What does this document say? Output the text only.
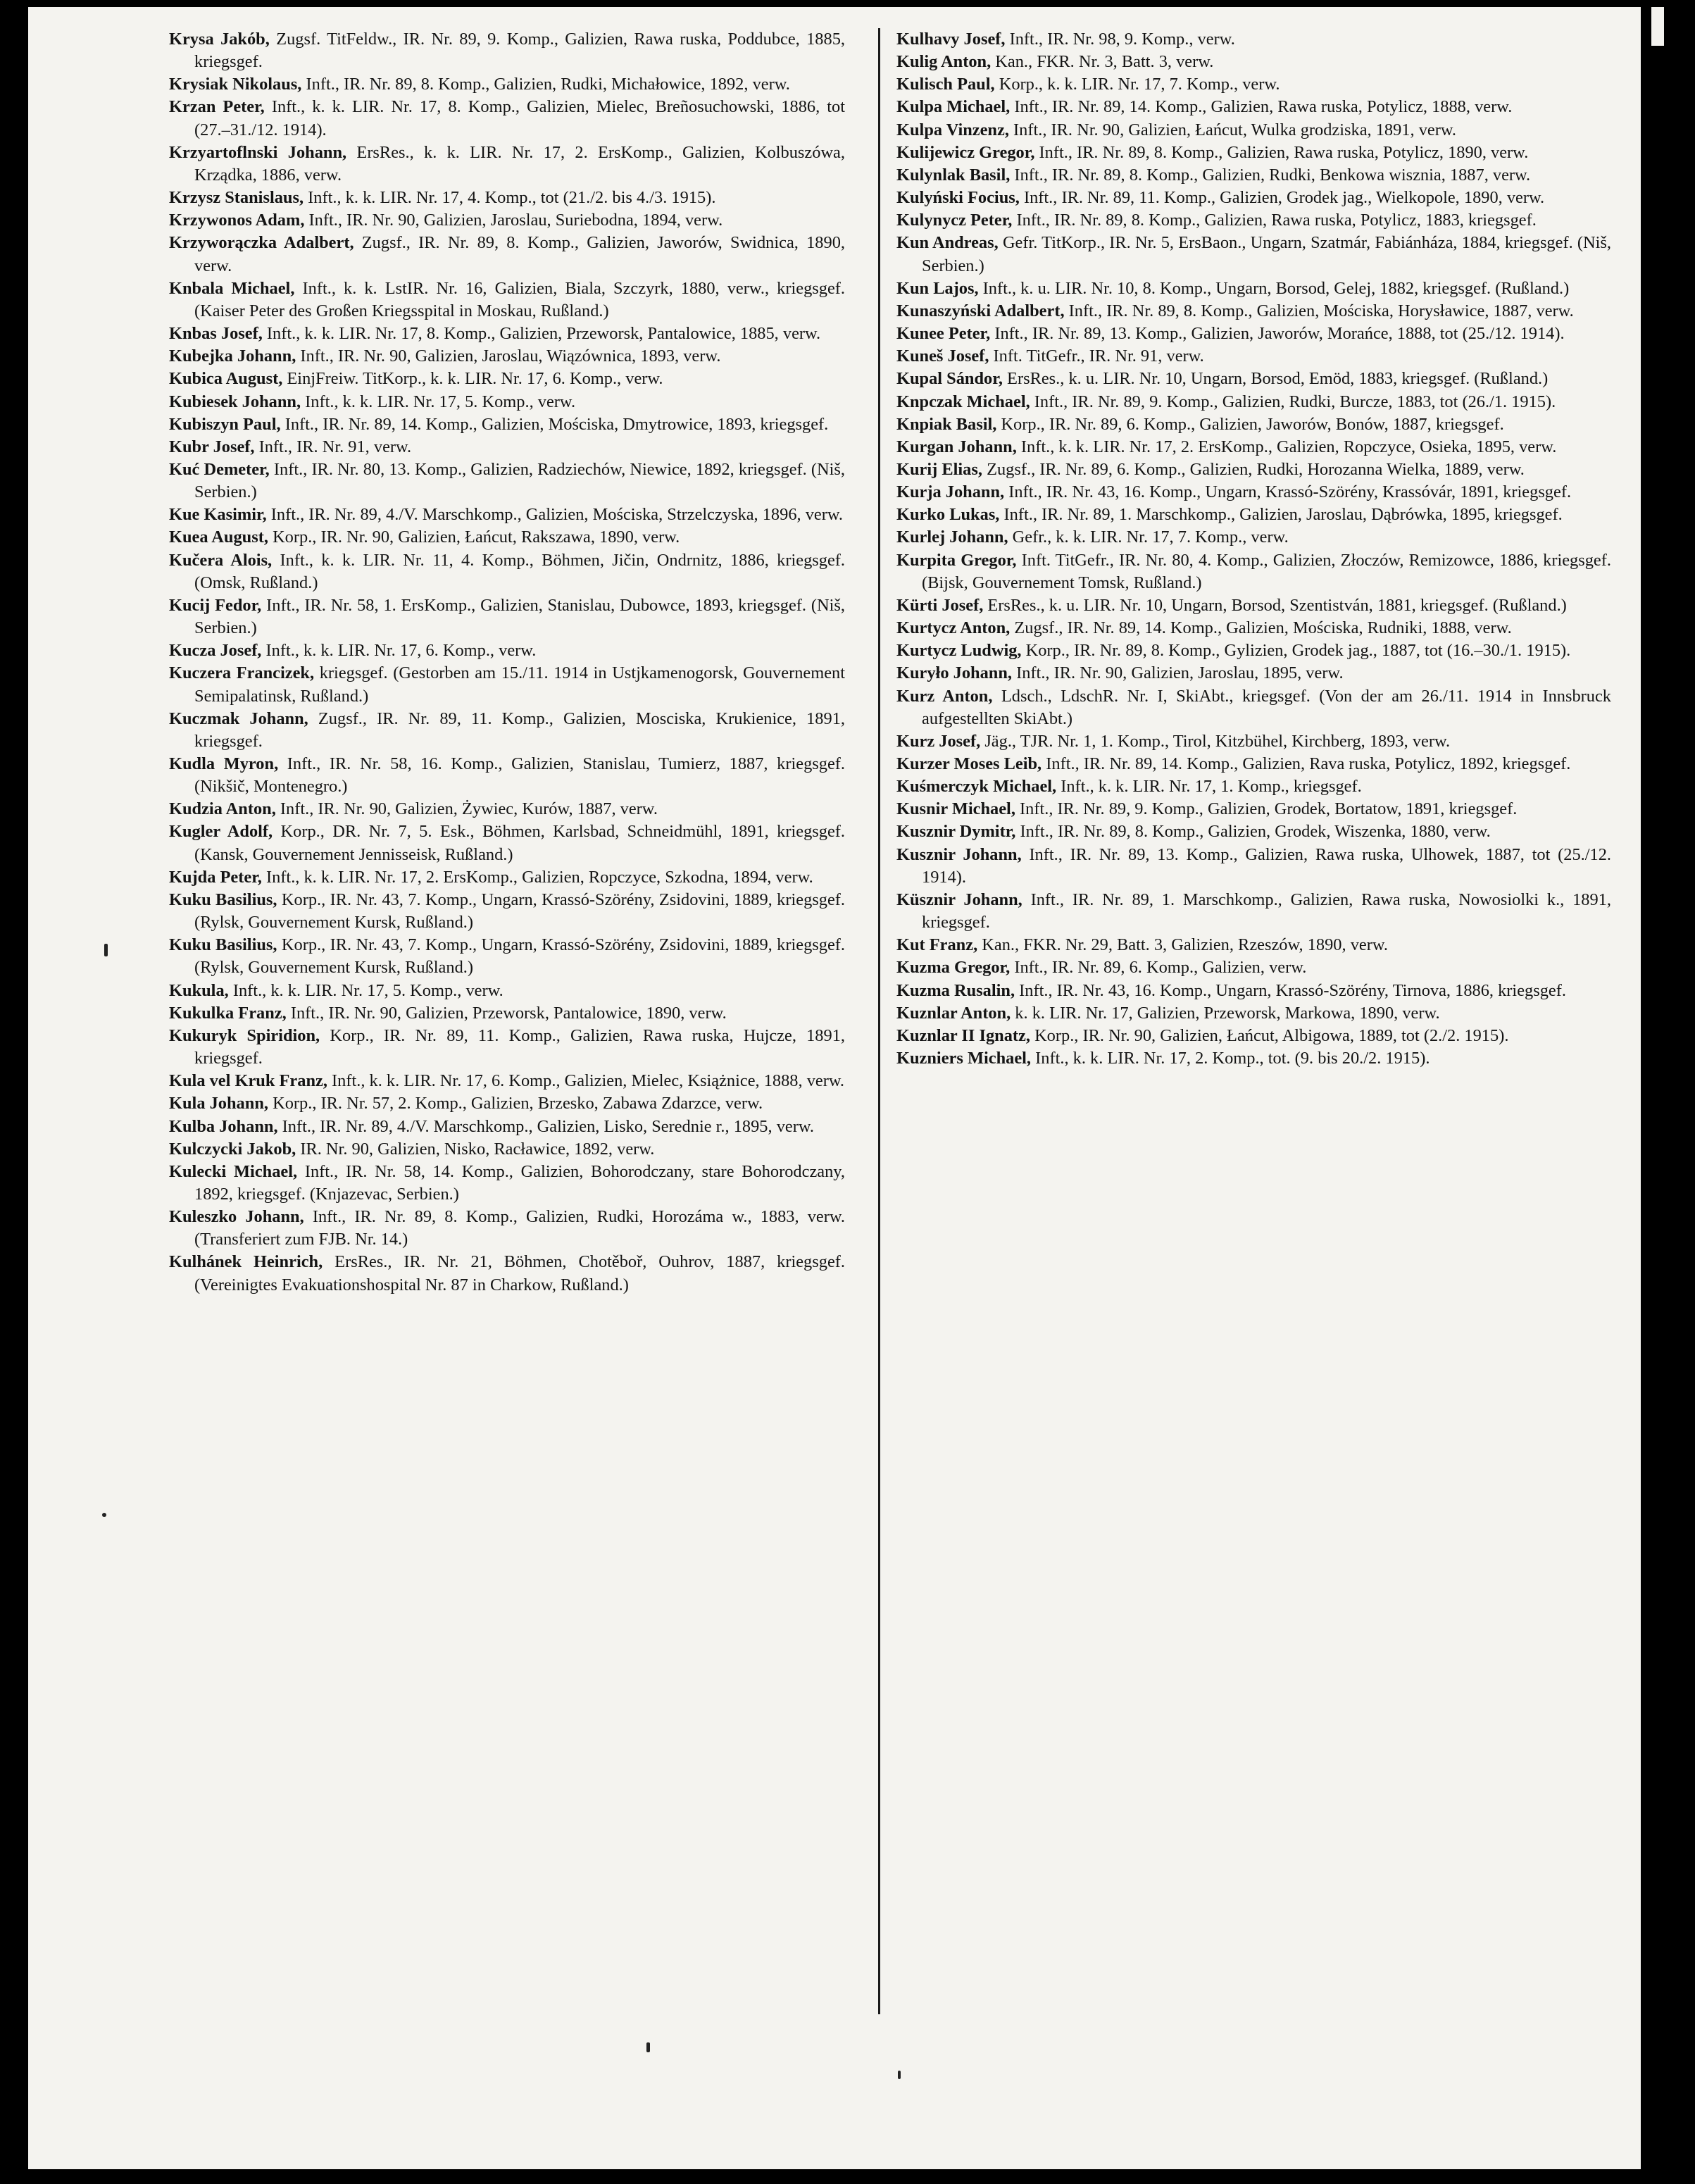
Krysa Jakób, Zugsf. TitFeldw., IR. Nr. 89, 9. Komp., Galizien, Rawa ruska, Poddubce, 1885, kriegsgef.

Krysiak Nikolaus, Inft., IR. Nr. 89, 8. Komp., Galizien, Rudki, Michałowice, 1892, verw.

Krzan Peter, Inft., k. k. LIR. Nr. 17, 8. Komp., Galizien, Mielec, Breñosuchowski, 1886, tot (27.–31./12. 1914).

Krzyartoflnski Johann, ErsRes., k. k. LIR. Nr. 17, 2. ErsKomp., Galizien, Kolbuszówa, Krządka, 1886, verw.

Krzysz Stanislaus, Inft., k. k. LIR. Nr. 17, 4. Komp., tot (21./2. bis 4./3. 1915).

Krzywonos Adam, Inft., IR. Nr. 90, Galizien, Jaroslau, Suriebodna, 1894, verw.

Krzyworączka Adalbert, Zugsf., IR. Nr. 89, 8. Komp., Galizien, Jaworów, Swidnica, 1890, verw.

Knbala Michael, Inft., k. k. LstIR. Nr. 16, Galizien, Biala, Szczyrk, 1880, verw., kriegsgef. (Kaiser Peter des Großen Kriegsspital in Moskau, Rußland.)

Knbas Josef, Inft., k. k. LIR. Nr. 17, 8. Komp., Galizien, Przeworsk, Pantalowice, 1885, verw.

Kubejka Johann, Inft., IR. Nr. 90, Galizien, Jaroslau, Wiązównica, 1893, verw.

Kubica August, EinjFreiw. TitKorp., k. k. LIR. Nr. 17, 6. Komp., verw.

Kubiesek Johann, Inft., k. k. LIR. Nr. 17, 5. Komp., verw.

Kubiszyn Paul, Inft., IR. Nr. 89, 14. Komp., Galizien, Mościska, Dmytrowice, 1893, kriegsgef.

Kubr Josef, Inft., IR. Nr. 91, verw.

Kuć Demeter, Inft., IR. Nr. 80, 13. Komp., Galizien, Radziechów, Niewice, 1892, kriegsgef. (Niš, Serbien.)

Kue Kasimir, Inft., IR. Nr. 89, 4./V. Marschkomp., Galizien, Mościska, Strzelczyska, 1896, verw.

Kuea August, Korp., IR. Nr. 90, Galizien, Łańcut, Rakszawa, 1890, verw.

Kučera Alois, Inft., k. k. LIR. Nr. 11, 4. Komp., Böhmen, Jičin, Ondrnitz, 1886, kriegsgef. (Omsk, Rußland.)

Kucij Fedor, Inft., IR. Nr. 58, 1. ErsKomp., Galizien, Stanislau, Dubowce, 1893, kriegsgef. (Niš, Serbien.)

Kucza Josef, Inft., k. k. LIR. Nr. 17, 6. Komp., verw.

Kuczera Francizek, kriegsgef. (Gestorben am 15./11. 1914 in Ustjkamenogorsk, Gouvernement Semipalatinsk, Rußland.)

Kuczmak Johann, Zugsf., IR. Nr. 89, 11. Komp., Galizien, Mosciska, Krukienice, 1891, kriegsgef.

Kudla Myron, Inft., IR. Nr. 58, 16. Komp., Galizien, Stanislau, Tumierz, 1887, kriegsgef. (Nikšič, Montenegro.)

Kudzia Anton, Inft., IR. Nr. 90, Galizien, Żywiec, Kurów, 1887, verw.

Kugler Adolf, Korp., DR. Nr. 7, 5. Esk., Böhmen, Karlsbad, Schneidmühl, 1891, kriegsgef. (Kansk, Gouvernement Jennisseisk, Rußland.)

Kujda Peter, Inft., k. k. LIR. Nr. 17, 2. ErsKomp., Galizien, Ropczyce, Szkodna, 1894, verw.

Kuku Basilius, Korp., IR. Nr. 43, 7. Komp., Ungarn, Krassó-Szörény, Zsidovini, 1889, kriegsgef. (Rylsk, Gouvernement Kursk, Rußland.)

Kuku Basilius, Korp., IR. Nr. 43, 7. Komp., Ungarn, Krassó-Szörény, Zsidovini, 1889, kriegsgef. (Rylsk, Gouvernement Kursk, Rußland.)

Kukula, Inft., k. k. LIR. Nr. 17, 5. Komp., verw.

Kukulka Franz, Inft., IR. Nr. 90, Galizien, Przeworsk, Pantalowice, 1890, verw.

Kukuryk Spiridion, Korp., IR. Nr. 89, 11. Komp., Galizien, Rawa ruska, Hujcze, 1891, kriegsgef.

Kula vel Kruk Franz, Inft., k. k. LIR. Nr. 17, 6. Komp., Galizien, Mielec, Książnice, 1888, verw.

Kula Johann, Korp., IR. Nr. 57, 2. Komp., Galizien, Brzesko, Zabawa Zdarzce, verw.

Kulba Johann, Inft., IR. Nr. 89, 4./V. Marschkomp., Galizien, Lisko, Serednie r., 1895, verw.

Kulczycki Jakob, IR. Nr. 90, Galizien, Nisko, Racławice, 1892, verw.

Kulecki Michael, Inft., IR. Nr. 58, 14. Komp., Galizien, Bohorodczany, stare Bohorodczany, 1892, kriegsgef. (Knjazevac, Serbien.)

Kuleszko Johann, Inft., IR. Nr. 89, 8. Komp., Galizien, Rudki, Horozáma w., 1883, verw. (Transferiert zum FJB. Nr. 14.)

Kulhánek Heinrich, ErsRes., IR. Nr. 21, Böhmen, Chotěboř, Ouhrov, 1887, kriegsgef. (Vereinigtes Evakuationshospital Nr. 87 in Charkow, Rußland.)

Kulhavy Josef, Inft., IR. Nr. 98, 9. Komp., verw.

Kulig Anton, Kan., FKR. Nr. 3, Batt. 3, verw.

Kulisch Paul, Korp., k. k. LIR. Nr. 17, 7. Komp., verw.

Kulpa Michael, Inft., IR. Nr. 89, 14. Komp., Galizien, Rawa ruska, Potylicz, 1888, verw.

Kulpa Vinzenz, Inft., IR. Nr. 90, Galizien, Łańcut, Wulka grodziska, 1891, verw.

Kulijewicz Gregor, Inft., IR. Nr. 89, 8. Komp., Galizien, Rawa ruska, Potylicz, 1890, verw.

Kulynlak Basil, Inft., IR. Nr. 89, 8. Komp., Galizien, Rudki, Benkowa wisznia, 1887, verw.

Kulyński Focius, Inft., IR. Nr. 89, 11. Komp., Galizien, Grodek jag., Wielkopole, 1890, verw.

Kulynycz Peter, Inft., IR. Nr. 89, 8. Komp., Galizien, Rawa ruska, Potylicz, 1883, kriegsgef.

Kun Andreas, Gefr. TitKorp., IR. Nr. 5, ErsBaon., Ungarn, Szatmár, Fabiánháza, 1884, kriegsgef. (Niš, Serbien.)

Kun Lajos, Inft., k. u. LIR. Nr. 10, 8. Komp., Ungarn, Borsod, Gelej, 1882, kriegsgef. (Rußland.)

Kunaszyński Adalbert, Inft., IR. Nr. 89, 8. Komp., Galizien, Mościska, Horysławice, 1887, verw.

Kunee Peter, Inft., IR. Nr. 89, 13. Komp., Galizien, Jaworów, Morańce, 1888, tot (25./12. 1914).

Kuneš Josef, Inft. TitGefr., IR. Nr. 91, verw.

Kupal Sándor, ErsRes., k. u. LIR. Nr. 10, Ungarn, Borsod, Emöd, 1883, kriegsgef. (Rußland.)

Knpczak Michael, Inft., IR. Nr. 89, 9. Komp., Galizien, Rudki, Burcze, 1883, tot (26./1. 1915).

Knpiak Basil, Korp., IR. Nr. 89, 6. Komp., Galizien, Jaworów, Bonów, 1887, kriegsgef.

Kurgan Johann, Inft., k. k. LIR. Nr. 17, 2. ErsKomp., Galizien, Ropczyce, Osieka, 1895, verw.

Kurij Elias, Zugsf., IR. Nr. 89, 6. Komp., Galizien, Rudki, Horozanna Wielka, 1889, verw.

Kurja Johann, Inft., IR. Nr. 43, 16. Komp., Ungarn, Krassó-Szörény, Krassóvár, 1891, kriegsgef.

Kurko Lukas, Inft., IR. Nr. 89, 1. Marschkomp., Galizien, Jaroslau, Dąbrówka, 1895, kriegsgef.

Kurlej Johann, Gefr., k. k. LIR. Nr. 17, 7. Komp., verw.

Kurpita Gregor, Inft. TitGefr., IR. Nr. 80, 4. Komp., Galizien, Złoczów, Remizowce, 1886, kriegsgef. (Bijsk, Gouvernement Tomsk, Rußland.)

Kürti Josef, ErsRes., k. u. LIR. Nr. 10, Ungarn, Borsod, Szentistván, 1881, kriegsgef. (Rußland.)

Kurtycz Anton, Zugsf., IR. Nr. 89, 14. Komp., Galizien, Mościska, Rudniki, 1888, verw.

Kurtycz Ludwig, Korp., IR. Nr. 89, 8. Komp., Gylizien, Grodek jag., 1887, tot (16.–30./1. 1915).

Kuryło Johann, Inft., IR. Nr. 90, Galizien, Jaroslau, 1895, verw.

Kurz Anton, Ldsch., LdschR. Nr. I, SkiAbt., kriegsgef. (Von der am 26./11. 1914 in Innsbruck aufgestellten SkiAbt.)

Kurz Josef, Jäg., TJR. Nr. 1, 1. Komp., Tirol, Kitzbühel, Kirchberg, 1893, verw.

Kurzer Moses Leib, Inft., IR. Nr. 89, 14. Komp., Galizien, Rava ruska, Potylicz, 1892, kriegsgef.

Kuśmerczyk Michael, Inft., k. k. LIR. Nr. 17, 1. Komp., kriegsgef.

Kusnir Michael, Inft., IR. Nr. 89, 9. Komp., Galizien, Grodek, Bortatow, 1891, kriegsgef.

Kusznir Dymitr, Inft., IR. Nr. 89, 8. Komp., Galizien, Grodek, Wiszenka, 1880, verw.

Kusznir Johann, Inft., IR. Nr. 89, 13. Komp., Galizien, Rawa ruska, Ulhowek, 1887, tot (25./12. 1914).

Küsznir Johann, Inft., IR. Nr. 89, 1. Marschkomp., Galizien, Rawa ruska, Nowosiolki k., 1891, kriegsgef.

Kut Franz, Kan., FKR. Nr. 29, Batt. 3, Galizien, Rzeszów, 1890, verw.

Kuzma Gregor, Inft., IR. Nr. 89, 6. Komp., Galizien, verw.

Kuzma Rusalin, Inft., IR. Nr. 43, 16. Komp., Ungarn, Krassó-Szörény, Tirnova, 1886, kriegsgef.

Kuznlar Anton, k. k. LIR. Nr. 17, Galizien, Przeworsk, Markowa, 1890, verw.

Kuznlar II Ignatz, Korp., IR. Nr. 90, Galizien, Łańcut, Albigowa, 1889, tot (2./2. 1915).

Kuzniers Michael, Inft., k. k. LIR. Nr. 17, 2. Komp., tot. (9. bis 20./2. 1915).
